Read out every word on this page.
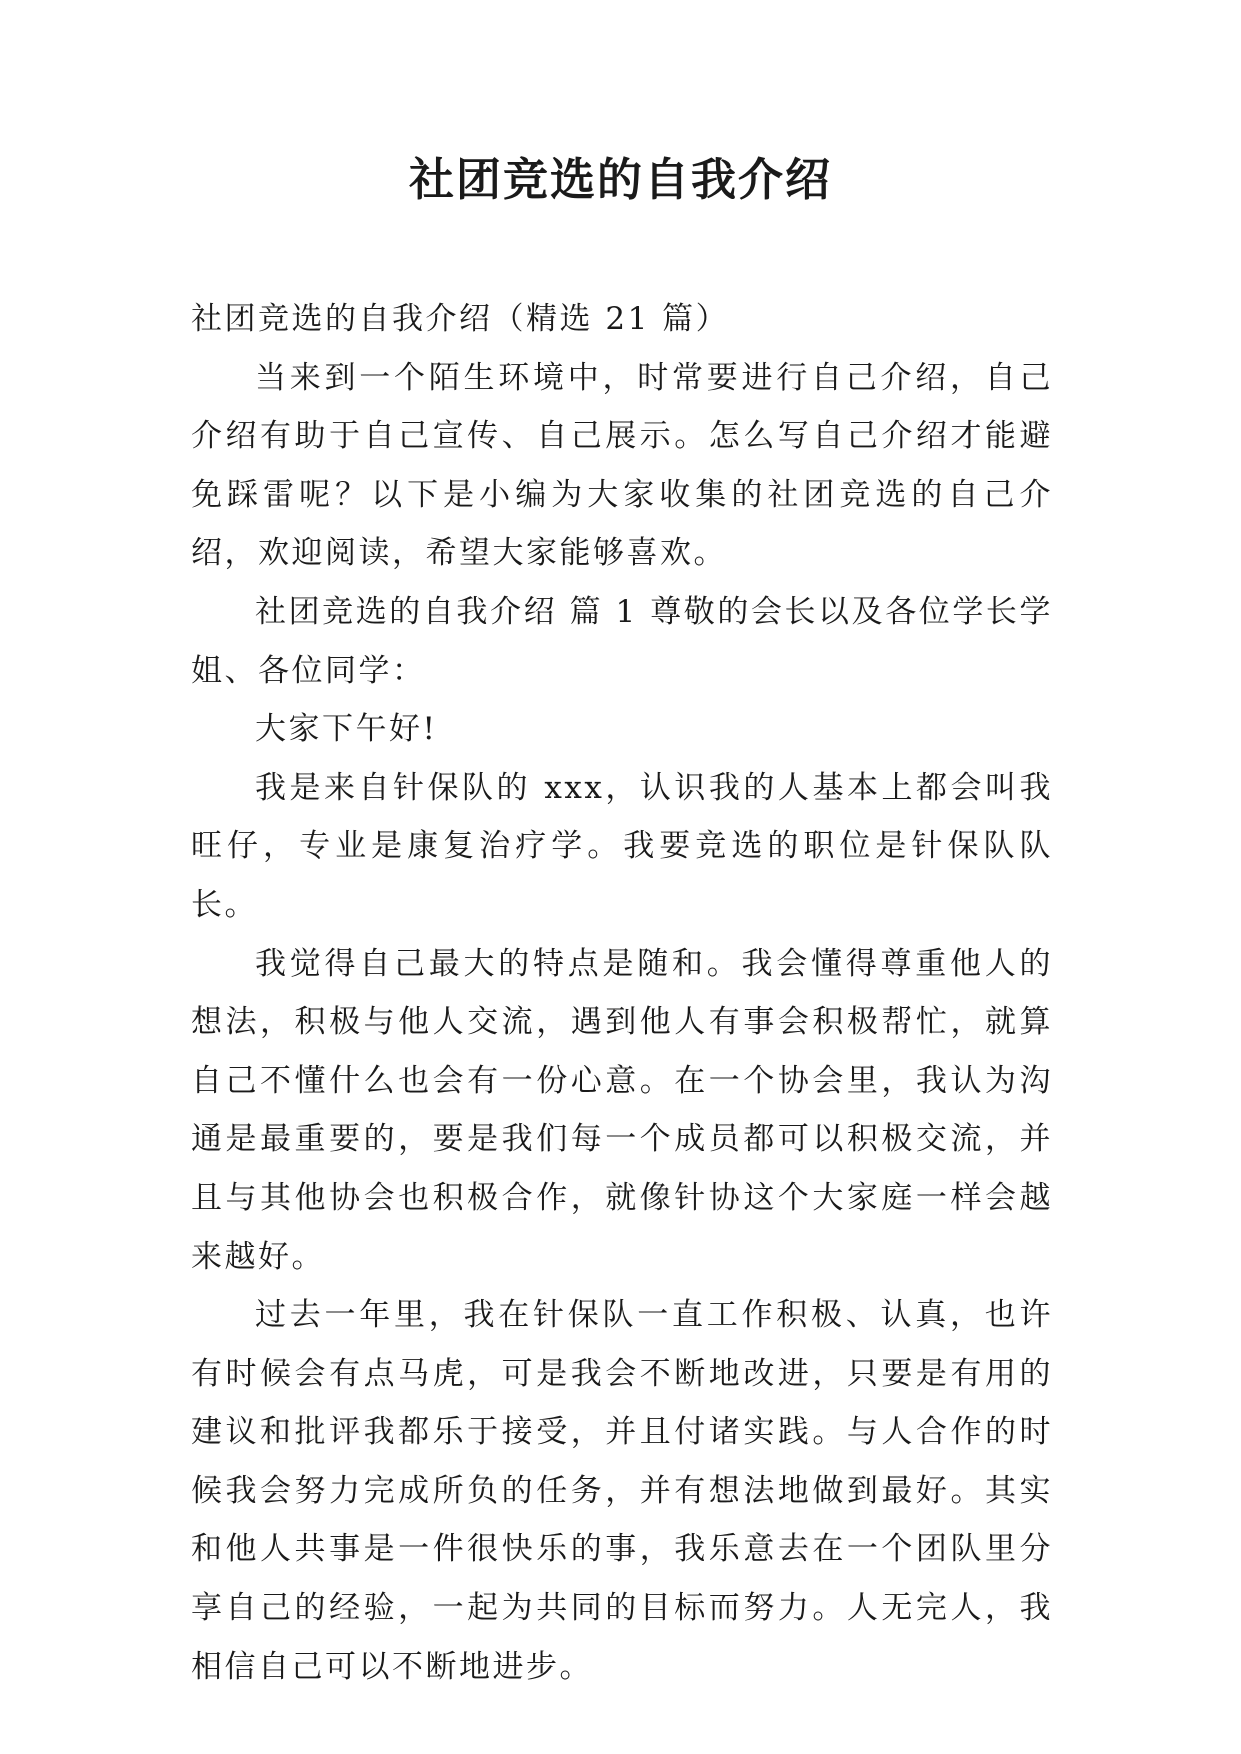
社团竞选的自我介绍

社团竞选的自我介绍（精选 21 篇）

当来到一个陌生环境中，时常要进行自己介绍，自己介绍有助于自己宣传、自己展示。怎么写自己介绍才能避免踩雷呢？以下是小编为大家收集的社团竞选的自己介绍，欢迎阅读，希望大家能够喜欢。

社团竞选的自我介绍 篇 1 尊敬的会长以及各位学长学姐、各位同学：

大家下午好!

我是来自针保队的 xxx，认识我的人基本上都会叫我旺仔，专业是康复治疗学。我要竞选的职位是针保队队长。

我觉得自己最大的特点是随和。我会懂得尊重他人的想法，积极与他人交流，遇到他人有事会积极帮忙，就算自己不懂什么也会有一份心意。在一个协会里，我认为沟通是最重要的，要是我们每一个成员都可以积极交流，并且与其他协会也积极合作，就像针协这个大家庭一样会越来越好。

过去一年里，我在针保队一直工作积极、认真，也许有时候会有点马虎，可是我会不断地改进，只要是有用的建议和批评我都乐于接受，并且付诸实践。与人合作的时候我会努力完成所负的任务，并有想法地做到最好。其实和他人共事是一件很快乐的事，我乐意去在一个团队里分享自己的经验，一起为共同的目标而努力。人无完人，我相信自己可以不断地进步。
